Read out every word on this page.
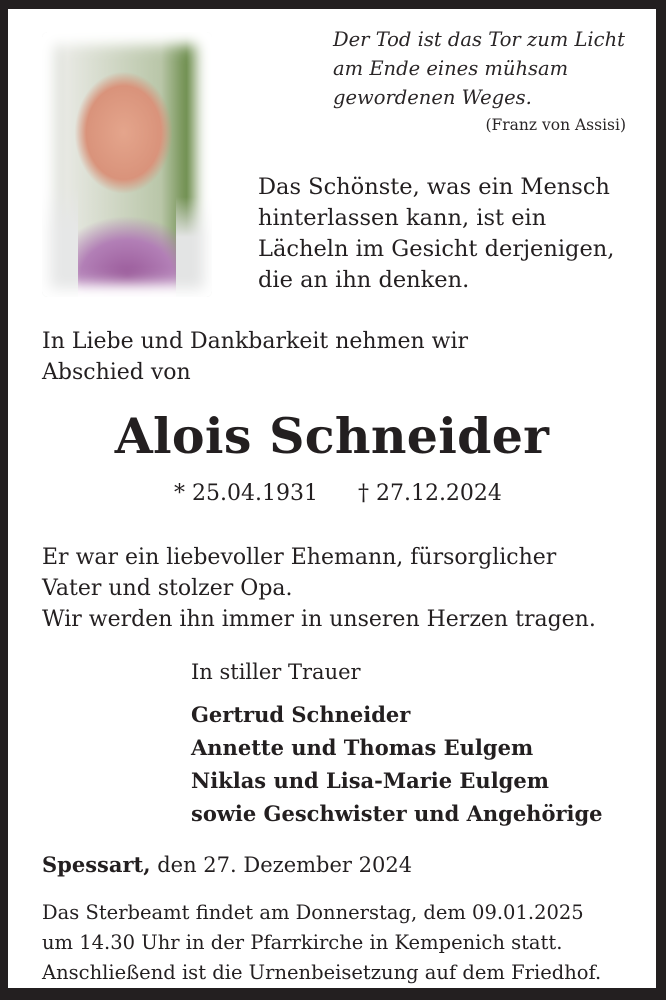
Der Tod ist das Tor zum Licht
am Ende eines mühsam
gewordenen Weges.
(Franz von Assisi)
Das Schönste, was ein Mensch
hinterlassen kann, ist ein
Lächeln im Gesicht derjenigen,
die an ihn denken.
In Liebe und Dankbarkeit nehmen wir
Abschied von
Alois Schneider
* 25.04.1931 † 27.12.2024
Er war ein liebevoller Ehemann, fürsorglicher
Vater und stolzer Opa.
Wir werden ihn immer in unseren Herzen tragen.
In stiller Trauer
Gertrud Schneider
Annette und Thomas Eulgem
Niklas und Lisa-Marie Eulgem
sowie Geschwister und Angehörige
Spessart, den 27. Dezember 2024
Das Sterbeamt findet am Donnerstag, dem 09.01.2025
um 14.30 Uhr in der Pfarrkirche in Kempenich statt.
Anschließend ist die Urnenbeisetzung auf dem Friedhof.
